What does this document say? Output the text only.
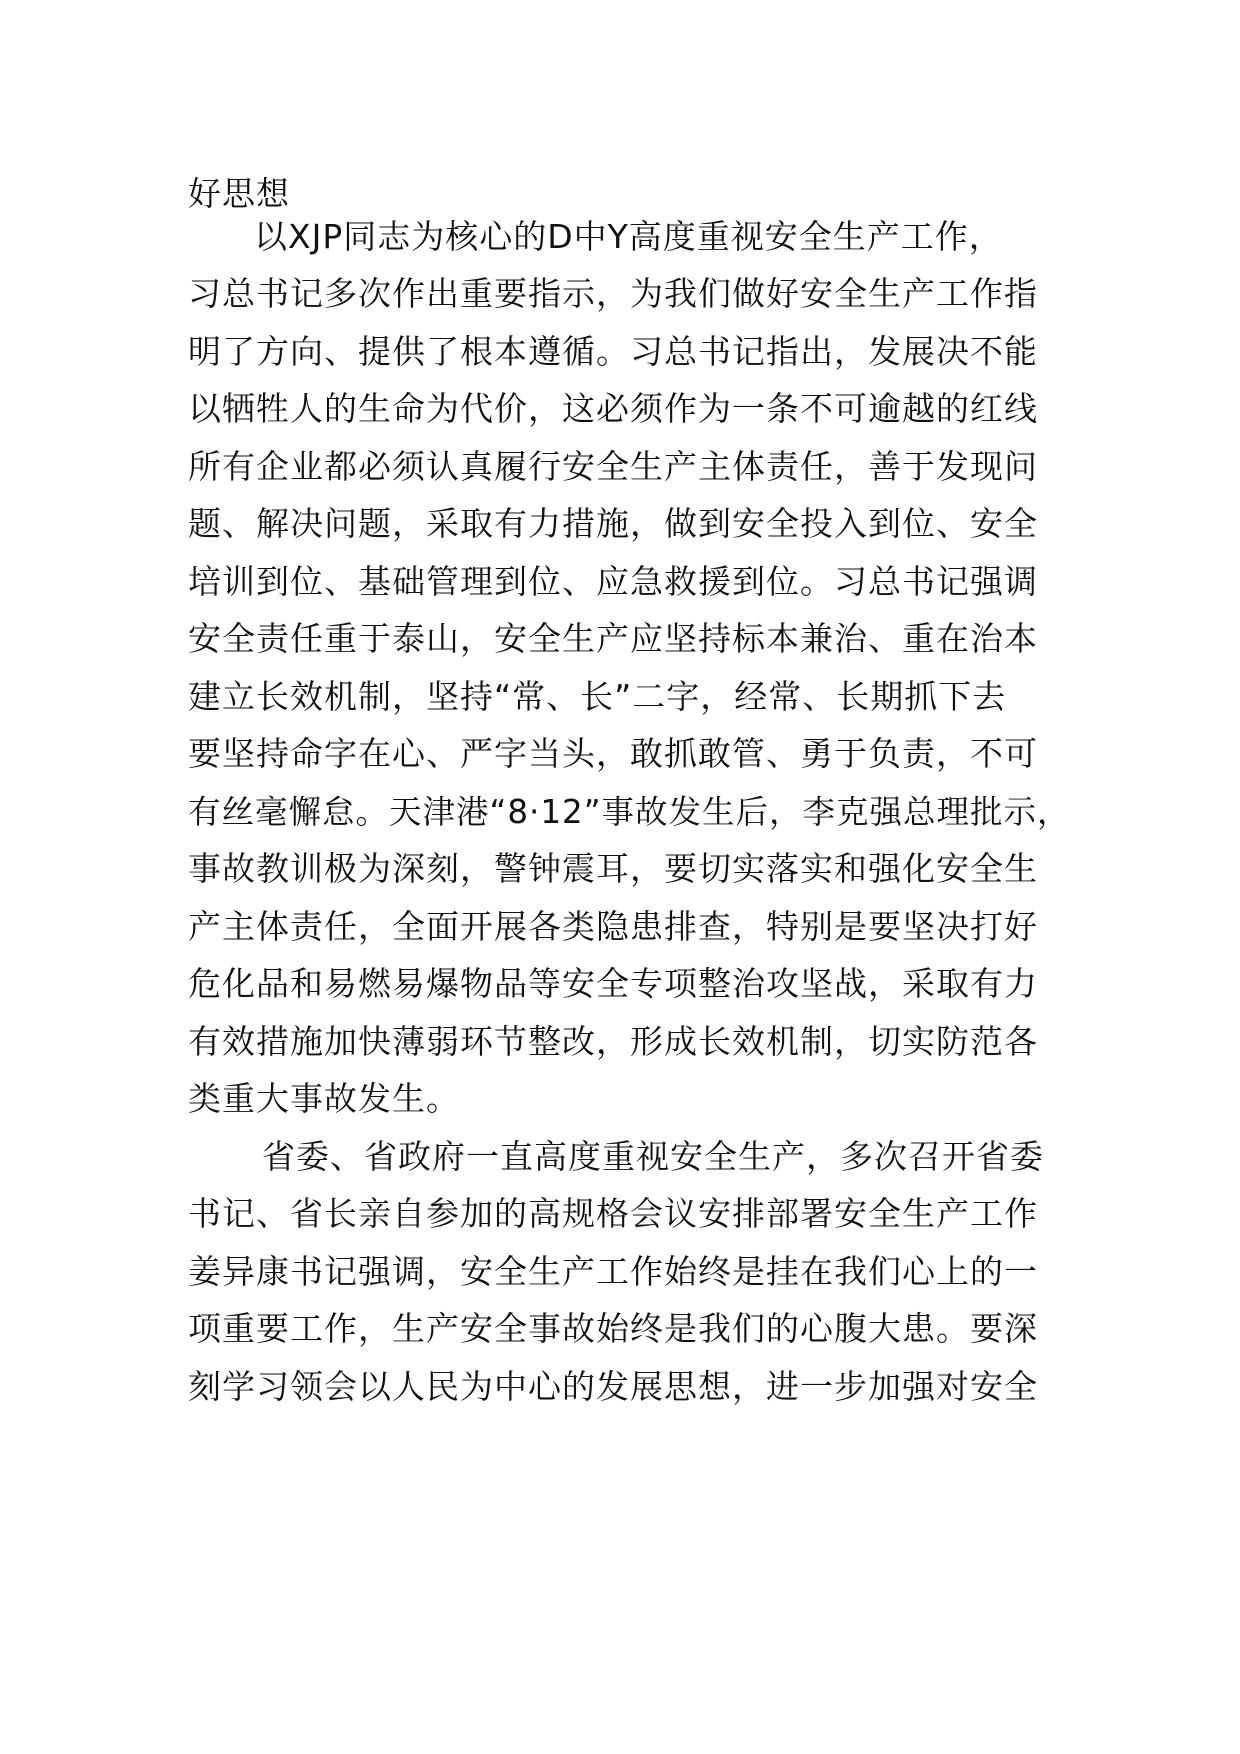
好思想
以XJP同志为核心的D中Y高度重视安全生产工作，
习总书记多次作出重要指示，为我们做好安全生产工作指
明了方向、提供了根本遵循。习总书记指出，发展决不能
以牺牲人的生命为代价，这必须作为一条不可逾越的红线
所有企业都必须认真履行安全生产主体责任，善于发现问
题、解决问题，采取有力措施，做到安全投入到位、安全
培训到位、基础管理到位、应急救援到位。习总书记强调
安全责任重于泰山，安全生产应坚持标本兼治、重在治本
建立长效机制，坚持“常、长”二字，经常、长期抓下去
要坚持命字在心、严字当头，敢抓敢管、勇于负责，不可
有丝毫懈怠。天津港“8·12”事故发生后，李克强总理批示，
事故教训极为深刻，警钟震耳，要切实落实和强化安全生
产主体责任，全面开展各类隐患排查，特别是要坚决打好
危化品和易燃易爆物品等安全专项整治攻坚战，采取有力
有效措施加快薄弱环节整改，形成长效机制，切实防范各
类重大事故发生。
省委、省政府一直高度重视安全生产，多次召开省委
书记、省长亲自参加的高规格会议安排部署安全生产工作
姜异康书记强调，安全生产工作始终是挂在我们心上的一
项重要工作，生产安全事故始终是我们的心腹大患。要深
刻学习领会以人民为中心的发展思想，进一步加强对安全
